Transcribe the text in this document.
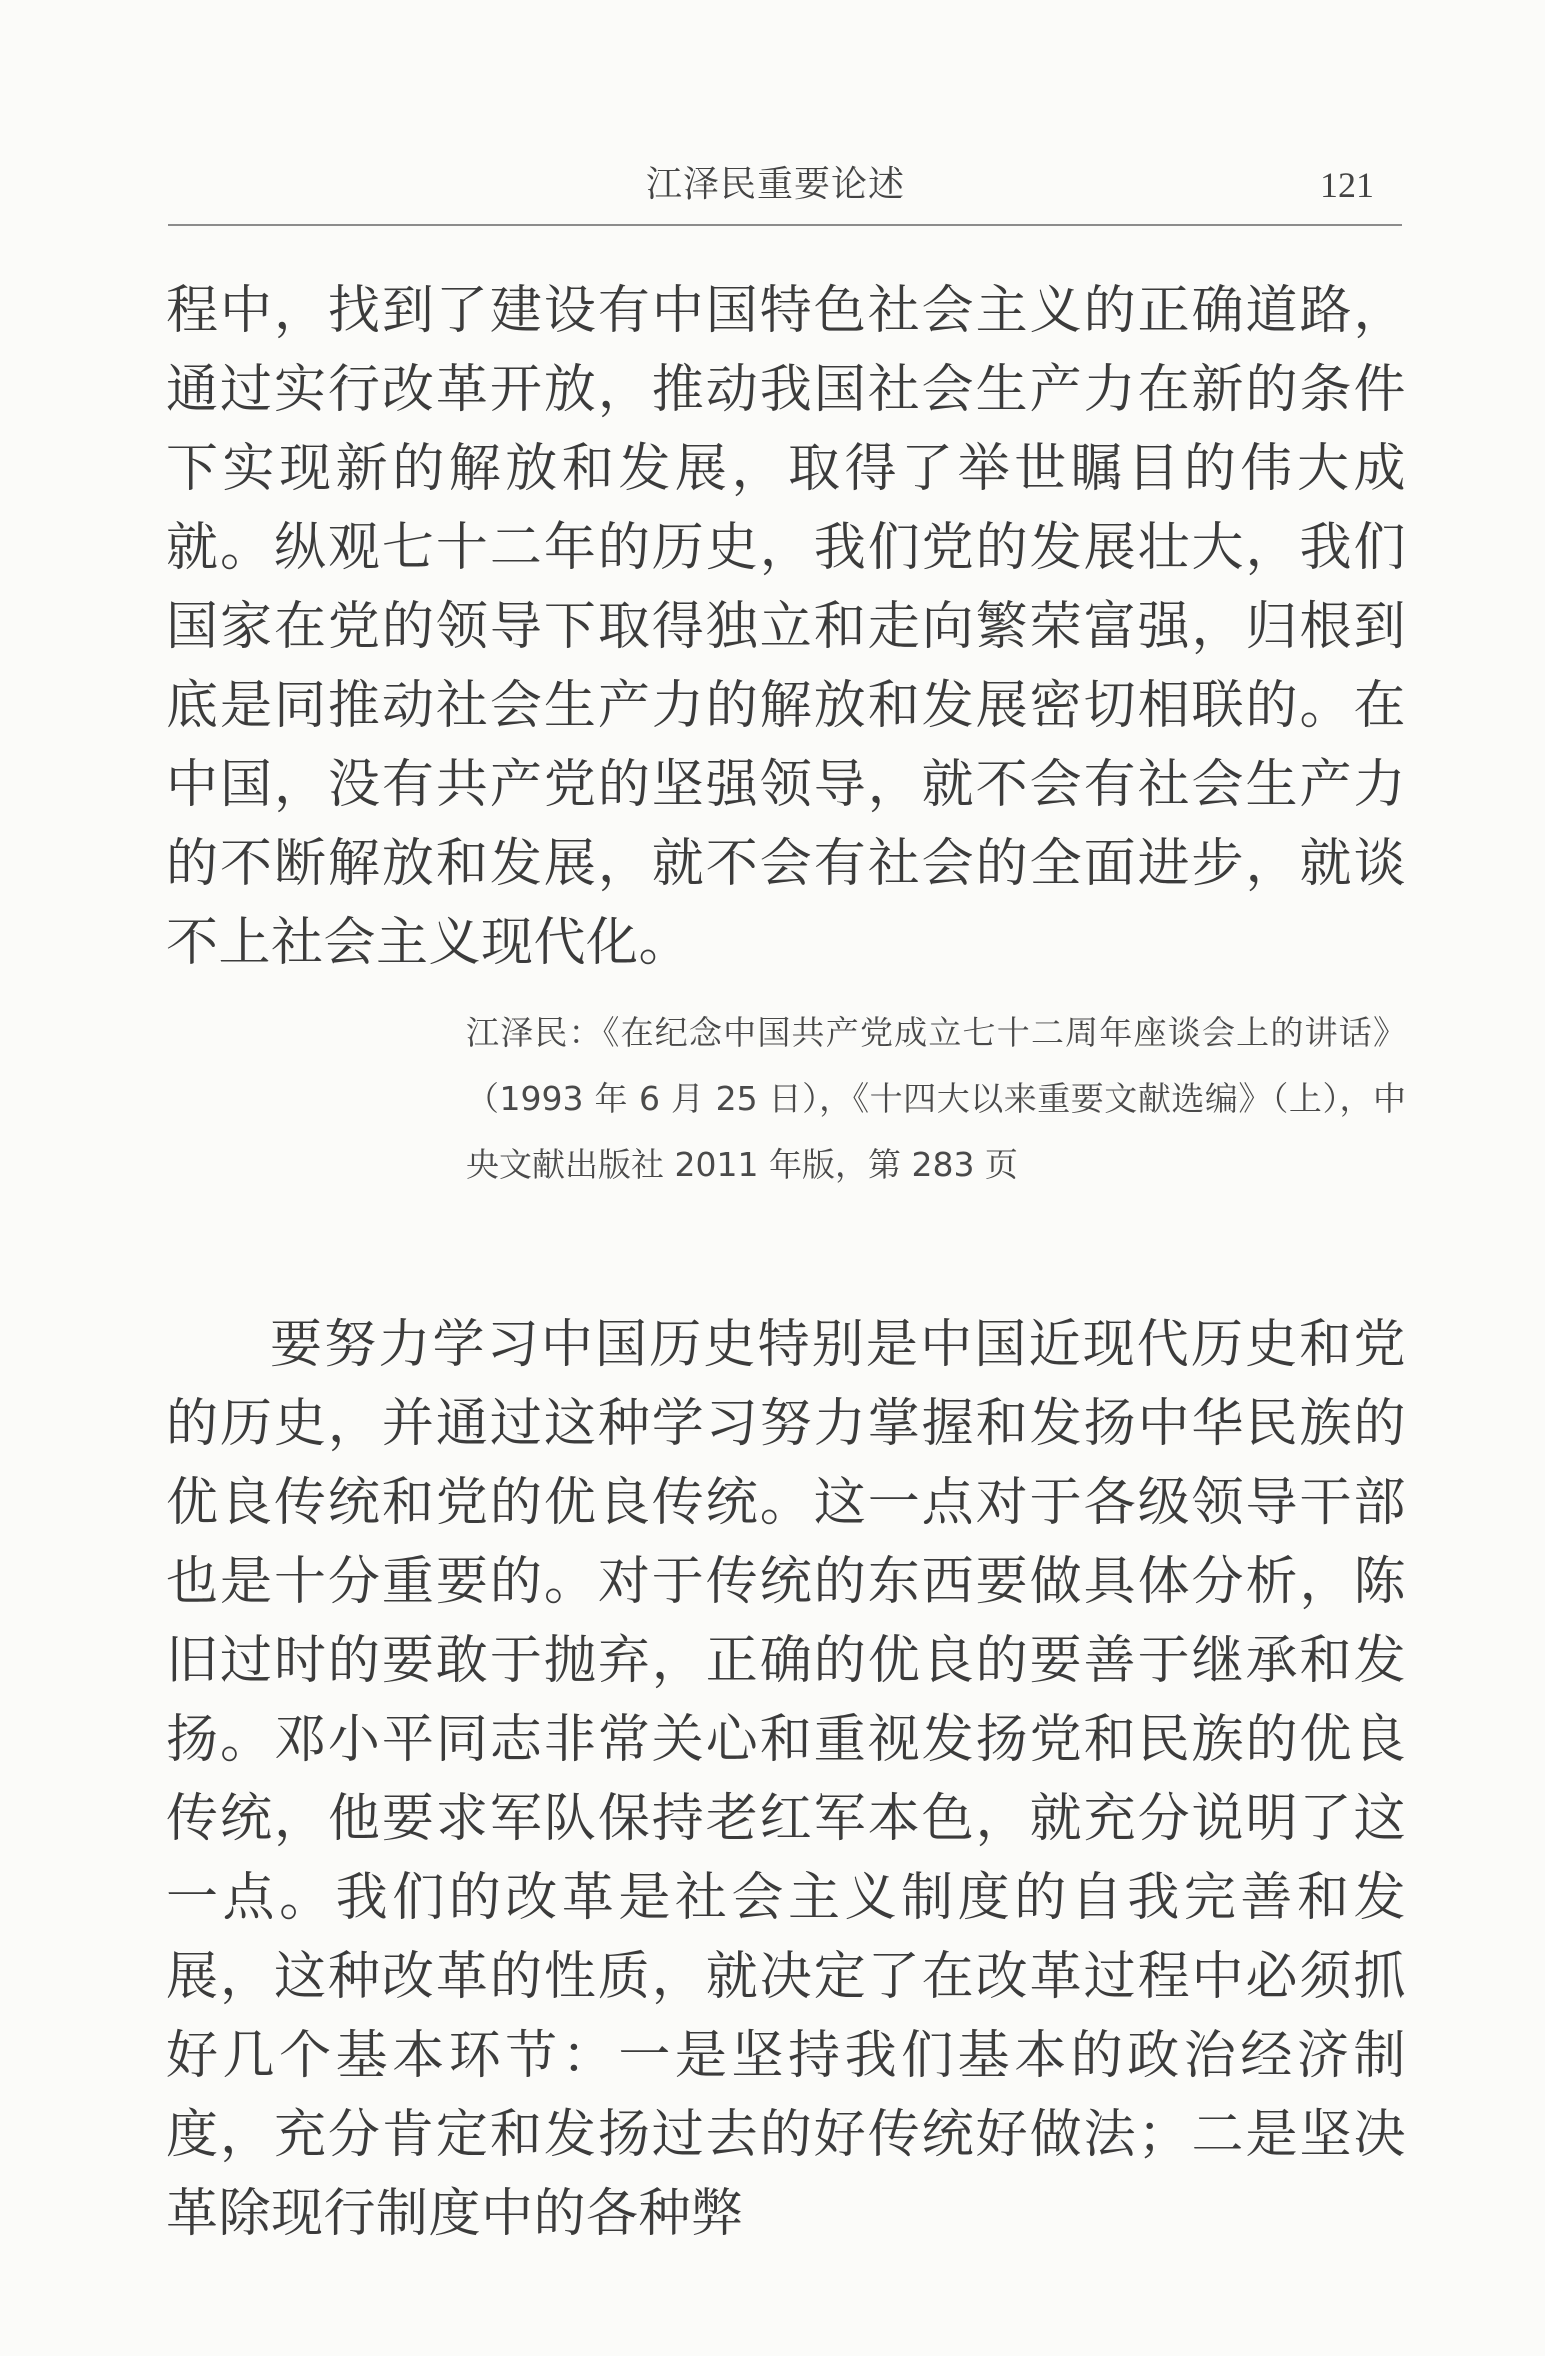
江泽民重要论述	121

程中，找到了建设有中国特色社会主义的正确道路，通过实行改革开放，推动我国社会生产力在新的条件下实现新的解放和发展，取得了举世瞩目的伟大成就。纵观七十二年的历史，我们党的发展壮大，我们国家在党的领导下取得独立和走向繁荣富强，归根到底是同推动社会生产力的解放和发展密切相联的。在中国，没有共产党的坚强领导，就不会有社会生产力的不断解放和发展，就不会有社会的全面进步，就谈不上社会主义现代化。

江泽民：《在纪念中国共产党成立七十二周年座谈会上的讲话》（1993 年 6 月 25 日），《十四大以来重要文献选编》（上），中央文献出版社 2011 年版，第 283 页

要努力学习中国历史特别是中国近现代历史和党的历史，并通过这种学习努力掌握和发扬中华民族的优良传统和党的优良传统。这一点对于各级领导干部也是十分重要的。对于传统的东西要做具体分析，陈旧过时的要敢于抛弃，正确的优良的要善于继承和发扬。邓小平同志非常关心和重视发扬党和民族的优良传统，他要求军队保持老红军本色，就充分说明了这一点。我们的改革是社会主义制度的自我完善和发展，这种改革的性质，就决定了在改革过程中必须抓好几个基本环节：一是坚持我们基本的政治经济制度，充分肯定和发扬过去的好传统好做法；二是坚决革除现行制度中的各种弊
